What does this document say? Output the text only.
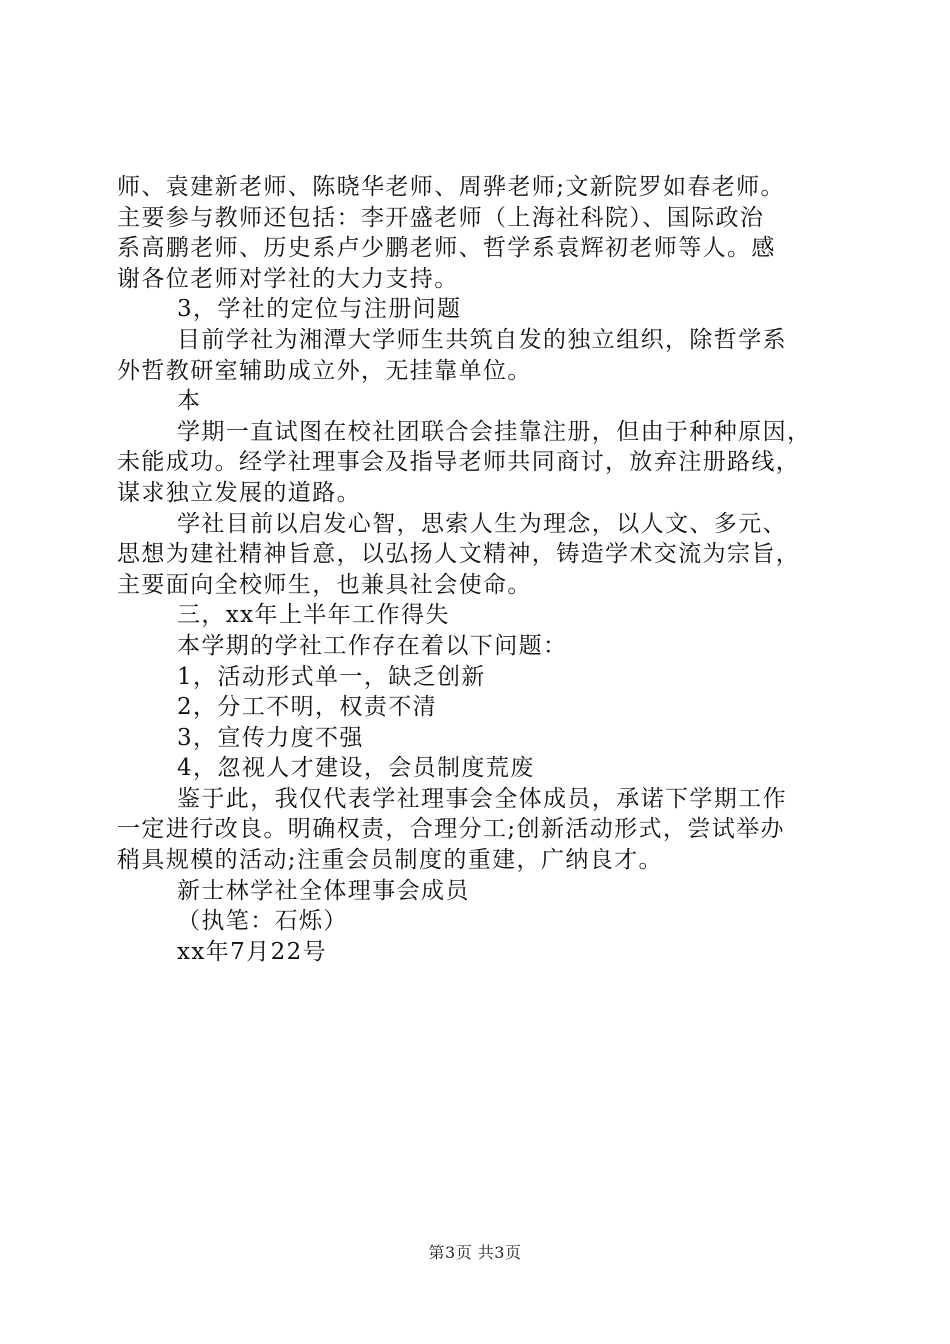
师、袁建新老师、陈晓华老师、周骅老师;文新院罗如春老师。
主要参与教师还包括：李开盛老师（上海社科院）、国际政治
系高鹏老师、历史系卢少鹏老师、哲学系袁辉初老师等人。感
谢各位老师对学社的大力支持。
3，学社的定位与注册问题
目前学社为湘潭大学师生共筑自发的独立组织，除哲学系
外哲教研室辅助成立外，无挂靠单位。
本
学期一直试图在校社团联合会挂靠注册，但由于种种原因，
未能成功。经学社理事会及指导老师共同商讨，放弃注册路线，
谋求独立发展的道路。
学社目前以启发心智，思索人生为理念，以人文、多元、
思想为建社精神旨意，以弘扬人文精神，铸造学术交流为宗旨，
主要面向全校师生，也兼具社会使命。
三，xx年上半年工作得失
本学期的学社工作存在着以下问题：
1，活动形式单一，缺乏创新
2，分工不明，权责不清
3，宣传力度不强
4，忽视人才建设，会员制度荒废
鉴于此，我仅代表学社理事会全体成员，承诺下学期工作
一定进行改良。明确权责，合理分工;创新活动形式，尝试举办
稍具规模的活动;注重会员制度的重建，广纳良才。
新士林学社全体理事会成员
（执笔：石烁）
xx年7月22号
第3页 共3页
